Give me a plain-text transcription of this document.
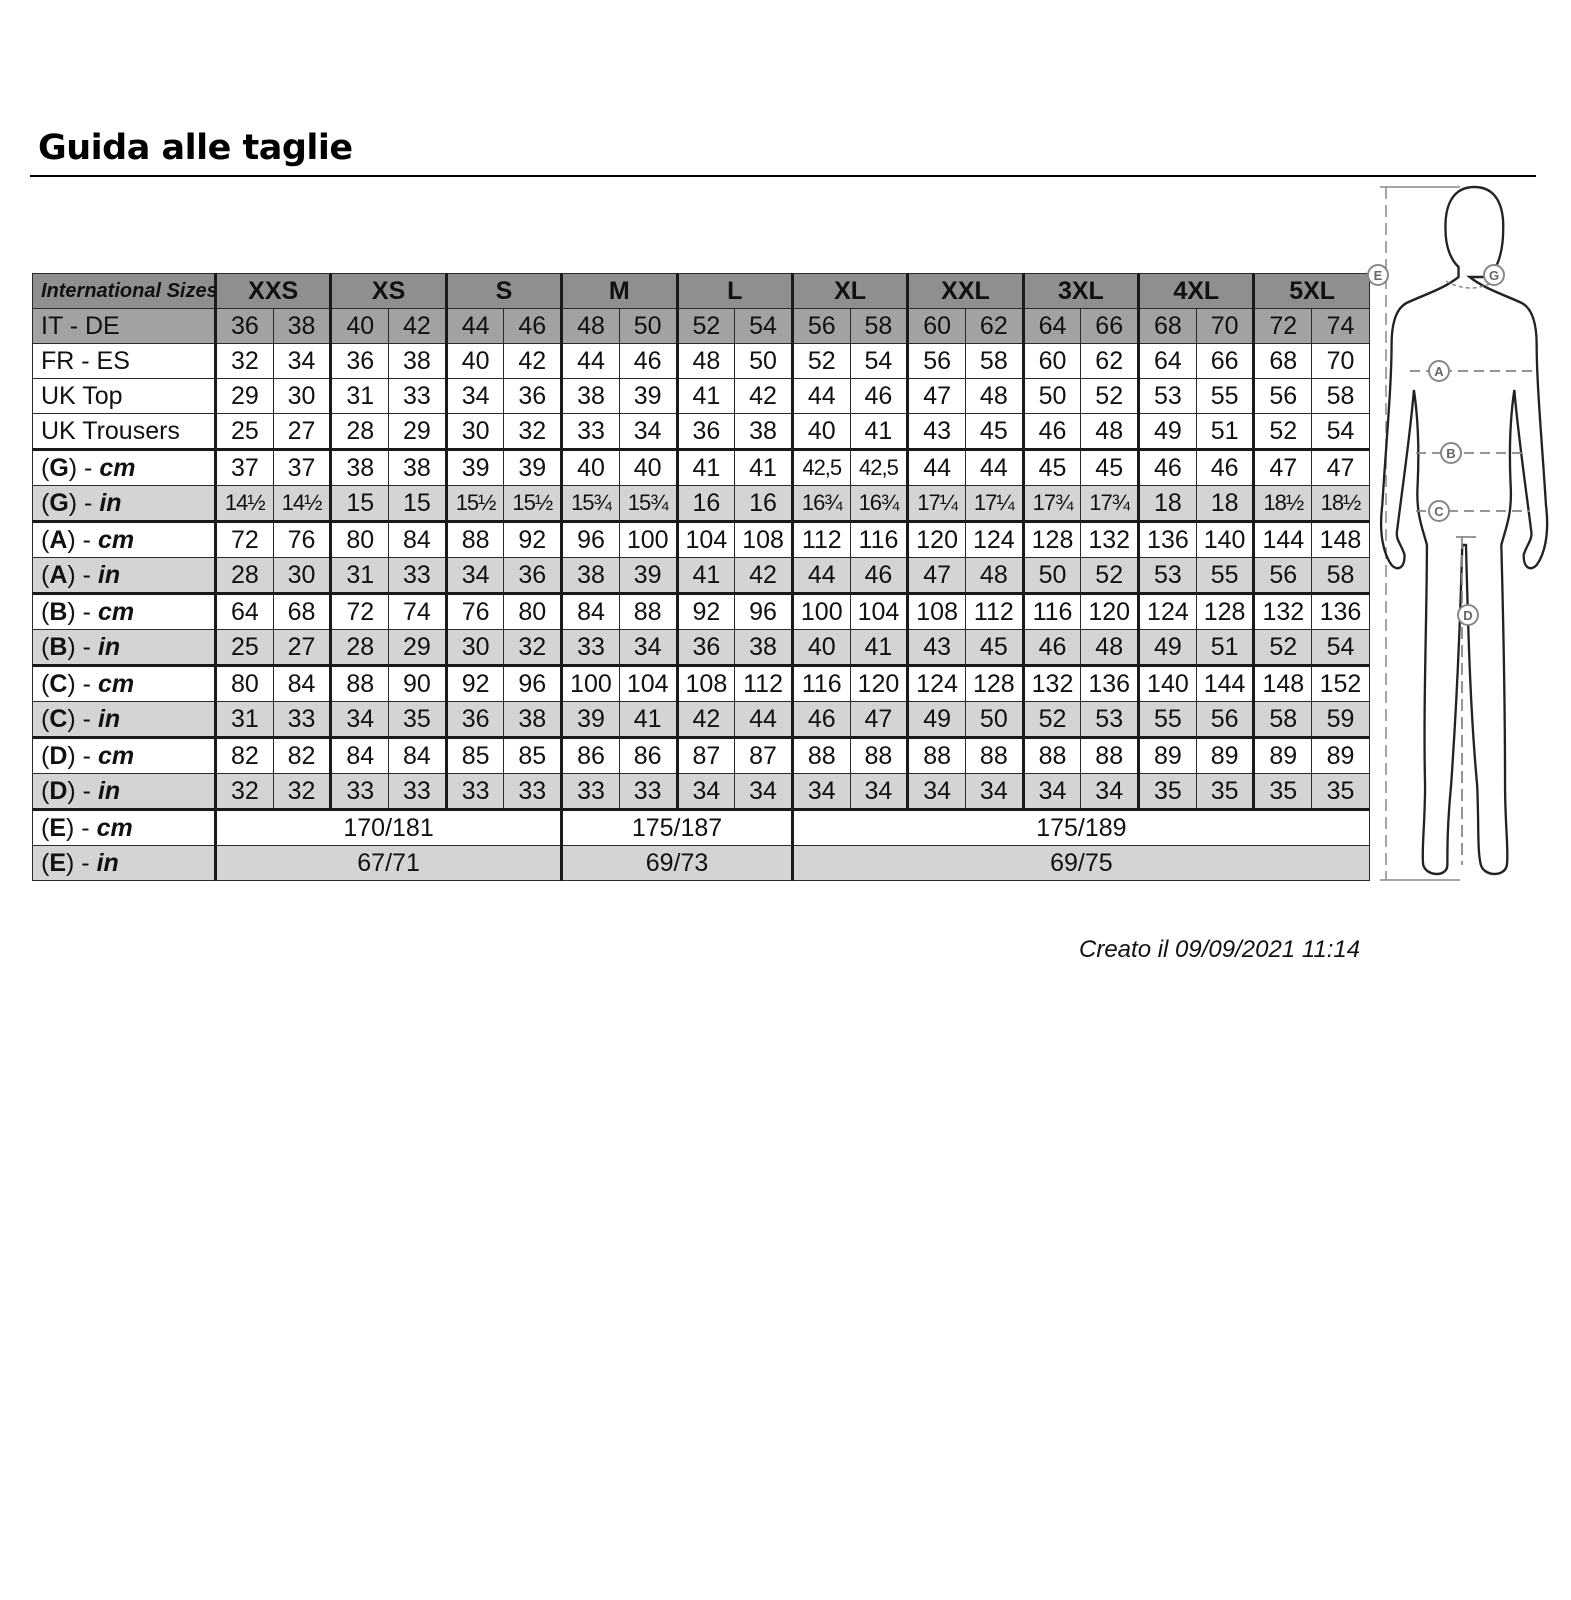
Guida alle taglie
International Sizes	XXS		XS		S		M		L		XL		XXL		3XL		4XL		5XL	
IT - DE	36	38	40	42	44	46	48	50	52	54	56	58	60	62	64	66	68	70	72	74
FR - ES	32	34	36	38	40	42	44	46	48	50	52	54	56	58	60	62	64	66	68	70
UK Top	29	30	31	33	34	36	38	39	41	42	44	46	47	48	50	52	53	55	56	58
UK Trousers	25	27	28	29	30	32	33	34	36	38	40	41	43	45	46	48	49	51	52	54
(G) - cm	37	37	38	38	39	39	40	40	41	41	42,5	42,5	44	44	45	45	46	46	47	47
(G) - in	14½	14½	15	15	15½	15½	15¾	15¾	16	16	16¾	16¾	17¼	17¼	17¾	17¾	18	18	18½	18½
(A) - cm	72	76	80	84	88	92	96	100	104	108	112	116	120	124	128	132	136	140	144	148
(A) - in	28	30	31	33	34	36	38	39	41	42	44	46	47	48	50	52	53	55	56	58
(B) - cm	64	68	72	74	76	80	84	88	92	96	100	104	108	112	116	120	124	128	132	136
(B) - in	25	27	28	29	30	32	33	34	36	38	40	41	43	45	46	48	49	51	52	54
(C) - cm	80	84	88	90	92	96	100	104	108	112	116	120	124	128	132	136	140	144	148	152
(C) - in	31	33	34	35	36	38	39	41	42	44	46	47	49	50	52	53	55	56	58	59
(D) - cm	82	82	84	84	85	85	86	86	87	87	88	88	88	88	88	88	89	89	89	89
(D) - in	32	32	33	33	33	33	33	33	34	34	34	34	34	34	34	34	35	35	35	35
(E) - cm	170/181						175/187				175/189									
(E) - in	67/71						69/73				69/75									
Creato il 09/09/2021 11:14
E	G
A
B
C
D
